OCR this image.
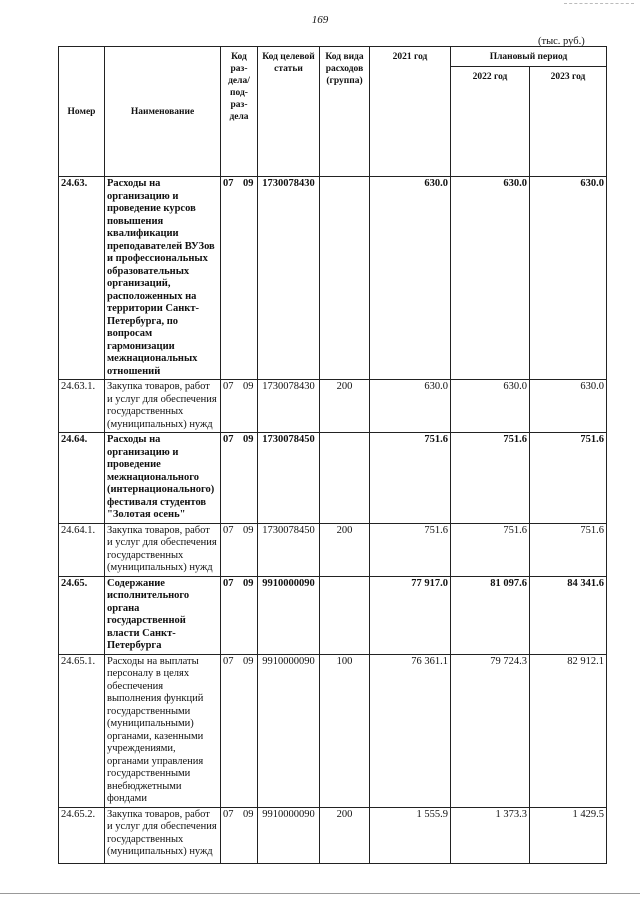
169
(тыс. руб.)
Номер	Наименование	Код раз-дела/ под-раз-дела	Код целевой статьи	Код вида расходов (группа)	2021 год	Плановый период	
						2022 год	2023 год
24.63.	Расходы на организацию и проведение курсов повышения квалификации преподавателей ВУЗов и профессиональных образовательных организаций, расположенных на территории Санкт-Петербурга, по вопросам гармонизации межнациональных отношений	07 09	1730078430		630.0	630.0	630.0
24.63.1.	Закупка товаров, работ и услуг для обеспечения государственных (муниципальных) нужд	07 09	1730078430	200	630.0	630.0	630.0
24.64.	Расходы на организацию и проведение межнационального (интернационального) фестиваля студентов "Золотая осень"	07 09	1730078450		751.6	751.6	751.6
24.64.1.	Закупка товаров, работ и услуг для обеспечения государственных (муниципальных) нужд	07 09	1730078450	200	751.6	751.6	751.6
24.65.	Содержание исполнительного органа государственной власти Санкт-Петербурга	07 09	9910000090		77 917.0	81 097.6	84 341.6
24.65.1.	Расходы на выплаты персоналу в целях обеспечения выполнения функций государственными (муниципальными) органами, казенными учреждениями, органами управления государственными внебюджетными фондами	07 09	9910000090	100	76 361.1	79 724.3	82 912.1
24.65.2.	Закупка товаров, работ и услуг для обеспечения государственных (муниципальных) нужд	07 09	9910000090	200	1 555.9	1 373.3	1 429.5
